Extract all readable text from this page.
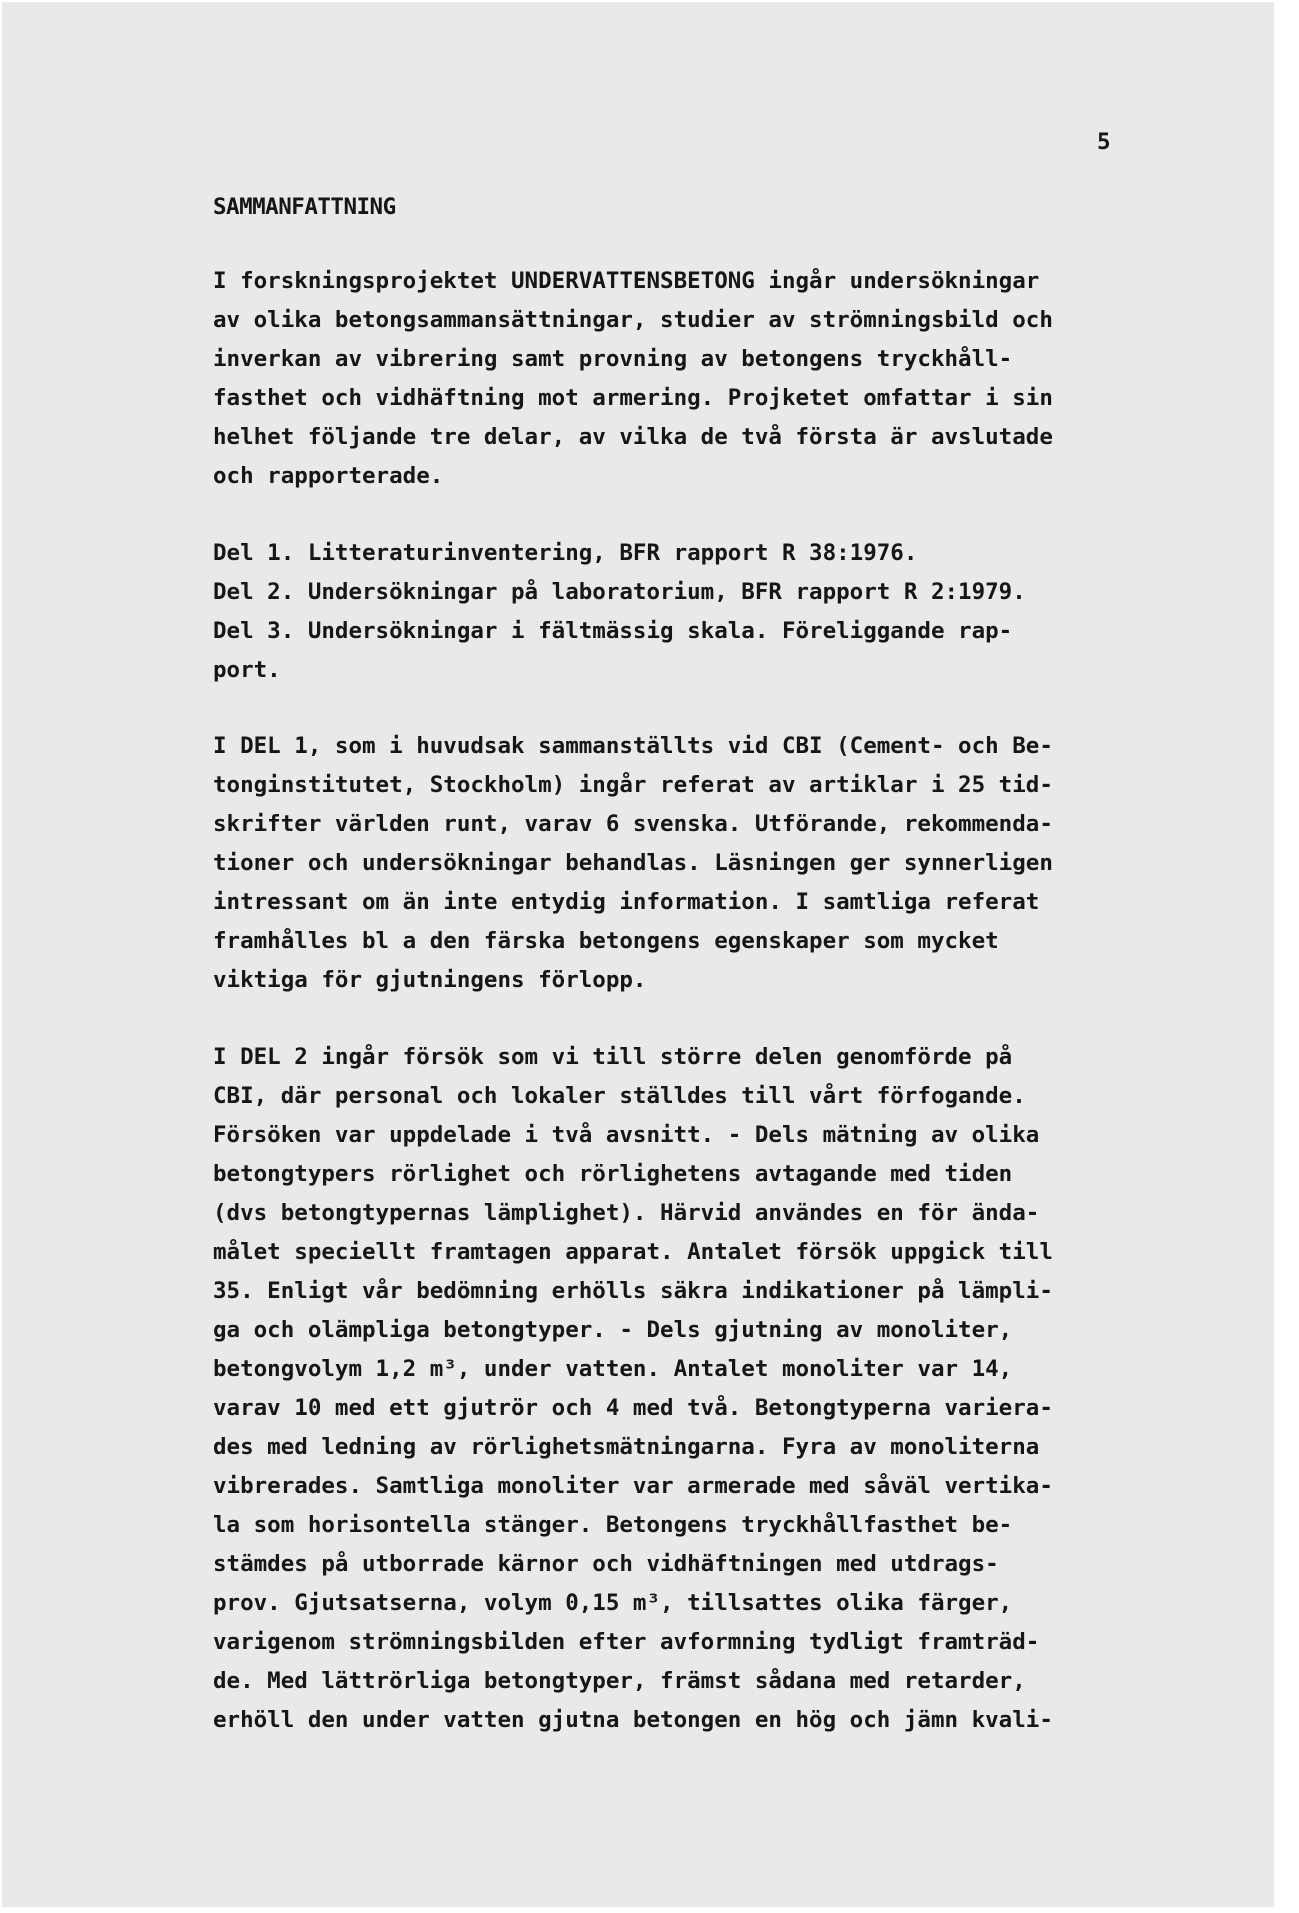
5
SAMMANFATTNING
I forskningsprojektet UNDERVATTENSBETONG ingår undersökningar
av olika betongsammansättningar, studier av strömningsbild och
inverkan av vibrering samt provning av betongens tryckhåll-
fasthet och vidhäftning mot armering. Projketet omfattar i sin
helhet följande tre delar, av vilka de två första är avslutade
och rapporterade.
Del 1. Litteraturinventering, BFR rapport R 38:1976.
Del 2. Undersökningar på laboratorium, BFR rapport R 2:1979.
Del 3. Undersökningar i fältmässig skala. Föreliggande rap-
port.
I DEL 1, som i huvudsak sammanställts vid CBI (Cement- och Be-
tonginstitutet, Stockholm) ingår referat av artiklar i 25 tid-
skrifter världen runt, varav 6 svenska. Utförande, rekommenda-
tioner och undersökningar behandlas. Läsningen ger synnerligen
intressant om än inte entydig information. I samtliga referat
framhålles bl a den färska betongens egenskaper som mycket
viktiga för gjutningens förlopp.
I DEL 2 ingår försök som vi till större delen genomförde på
CBI, där personal och lokaler ställdes till vårt förfogande.
Försöken var uppdelade i två avsnitt. - Dels mätning av olika
betongtypers rörlighet och rörlighetens avtagande med tiden
(dvs betongtypernas lämplighet). Härvid användes en för ända-
målet speciellt framtagen apparat. Antalet försök uppgick till
35. Enligt vår bedömning erhölls säkra indikationer på lämpli-
ga och olämpliga betongtyper. - Dels gjutning av monoliter,
betongvolym 1,2 m³, under vatten. Antalet monoliter var 14,
varav 10 med ett gjutrör och 4 med två. Betongtyperna variera-
des med ledning av rörlighetsmätningarna. Fyra av monoliterna
vibrerades. Samtliga monoliter var armerade med såväl vertika-
la som horisontella stänger. Betongens tryckhållfasthet be-
stämdes på utborrade kärnor och vidhäftningen med utdrags-
prov. Gjutsatserna, volym 0,15 m³, tillsattes olika färger,
varigenom strömningsbilden efter avformning tydligt framträd-
de. Med lättrörliga betongtyper, främst sådana med retarder,
erhöll den under vatten gjutna betongen en hög och jämn kvali-
